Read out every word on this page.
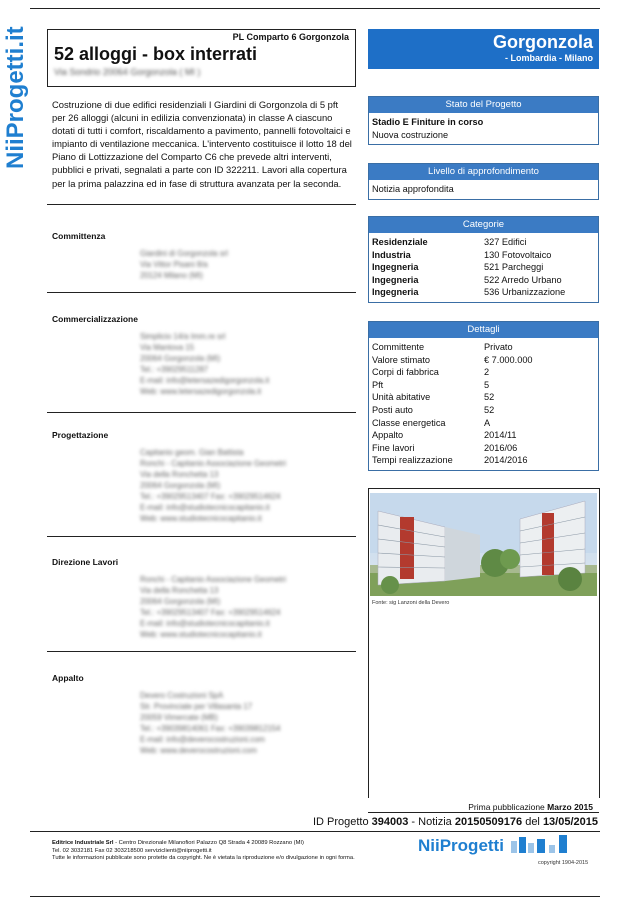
NiiProgetti.it	PL Comparto 6 Gorgonzola
52 alloggi - box interrati
Via Sondrio 20064 Gorgonzola ( MI )
Costruzione di due edifici residenziali I Giardini di Gorgonzola di 5 pft per 26 alloggi (alcuni in edilizia convenzionata) in classe A ciascuno dotati di tutti i comfort, riscaldamento a pavimento, pannelli fotovoltaici e impianto di ventilazione meccanica. L'intervento costituisce il lotto 18 del Piano di Lottizzazione del Comparto C6 che prevede altri interventi, pubblici e privati, segnalati a parte con ID 322211. Lavori alla copertura per la prima palazzina ed in fase di struttura avanzata per la seconda.
Committenza
Giardini di Gorgonzola srl
Via Vittor Pisani 8/a
20124 Milano (MI)
Commercializzazione
Simplicio 14/a Imm.re srl
Via Mantova 15
20064 Gorgonzola (MI)
Tel.: +39029511287
E-mail: info@letersazedigorgonzola.it
Web: www.letersazedigorgonzola.it
Progettazione
Capitanio geom. Gian Battista
Ronchi - Capitanio Associazione Geometri
Via della Ronchetta 13
20064 Gorgonzola (MI)
Tel.: +39029513407 Fax: +39029514624
E-mail: info@studiotecnicocapitanio.it
Web: www.studiotecnicocapitanio.it
Direzione Lavori
Ronchi - Capitanio Associazione Geometri
Via della Ronchetta 13
20064 Gorgonzola (MI)
Tel.: +39029513407 Fax: +39029514624
E-mail: info@studiotecnicocapitanio.it
Web: www.studiotecnicocapitanio.it
Appalto
Devero Costruzioni SpA
Str. Provinciale per Villasanta 17
20059 Vimercate (MB)
Tel.: +39039814061 Fax: +39039812154
E-mail: info@deverocostruzioni.com
Web: www.deverocostruzioni.com
Gorgonzola
- Lombardia - Milano
Stato del Progetto
Stadio E Finiture in corso
Nuova costruzione
Livello di approfondimento
Notizia approfondita
Categorie
Residenziale	327 Edifici
Industria	130 Fotovoltaico
Ingegneria	521 Parcheggi
Ingegneria	522 Arredo Urbano
Ingegneria	536 Urbanizzazione
Dettagli
Committente	Privato
Valore stimato	€ 7.000.000
Corpi di fabbrica	2
Pft	5
Unità abitative	52
Posti auto	52
Classe energetica	A
Appalto	2014/11
Fine lavori	2016/06
Tempi realizzazione	2014/2016
Fonte: sig Lanzoni della Devero
Prima pubblicazione Marzo 2015
ID Progetto 394003 - Notizia 20150509176 del 13/05/2015
Editrice Industriale Srl - Centro Direzionale Milanofiori Palazzo Q8 Strada 4 20089 Rozzano (MI)
Tel. 02 3032181 Fax 02 303218500 serviziclienti@niiprogetti.it
Tutte le informazioni pubblicate sono protette da copyright. Ne è vietata la riproduzione e/o divulgazione in ogni forma.
NiiProgetti
copyright 1904-2015
